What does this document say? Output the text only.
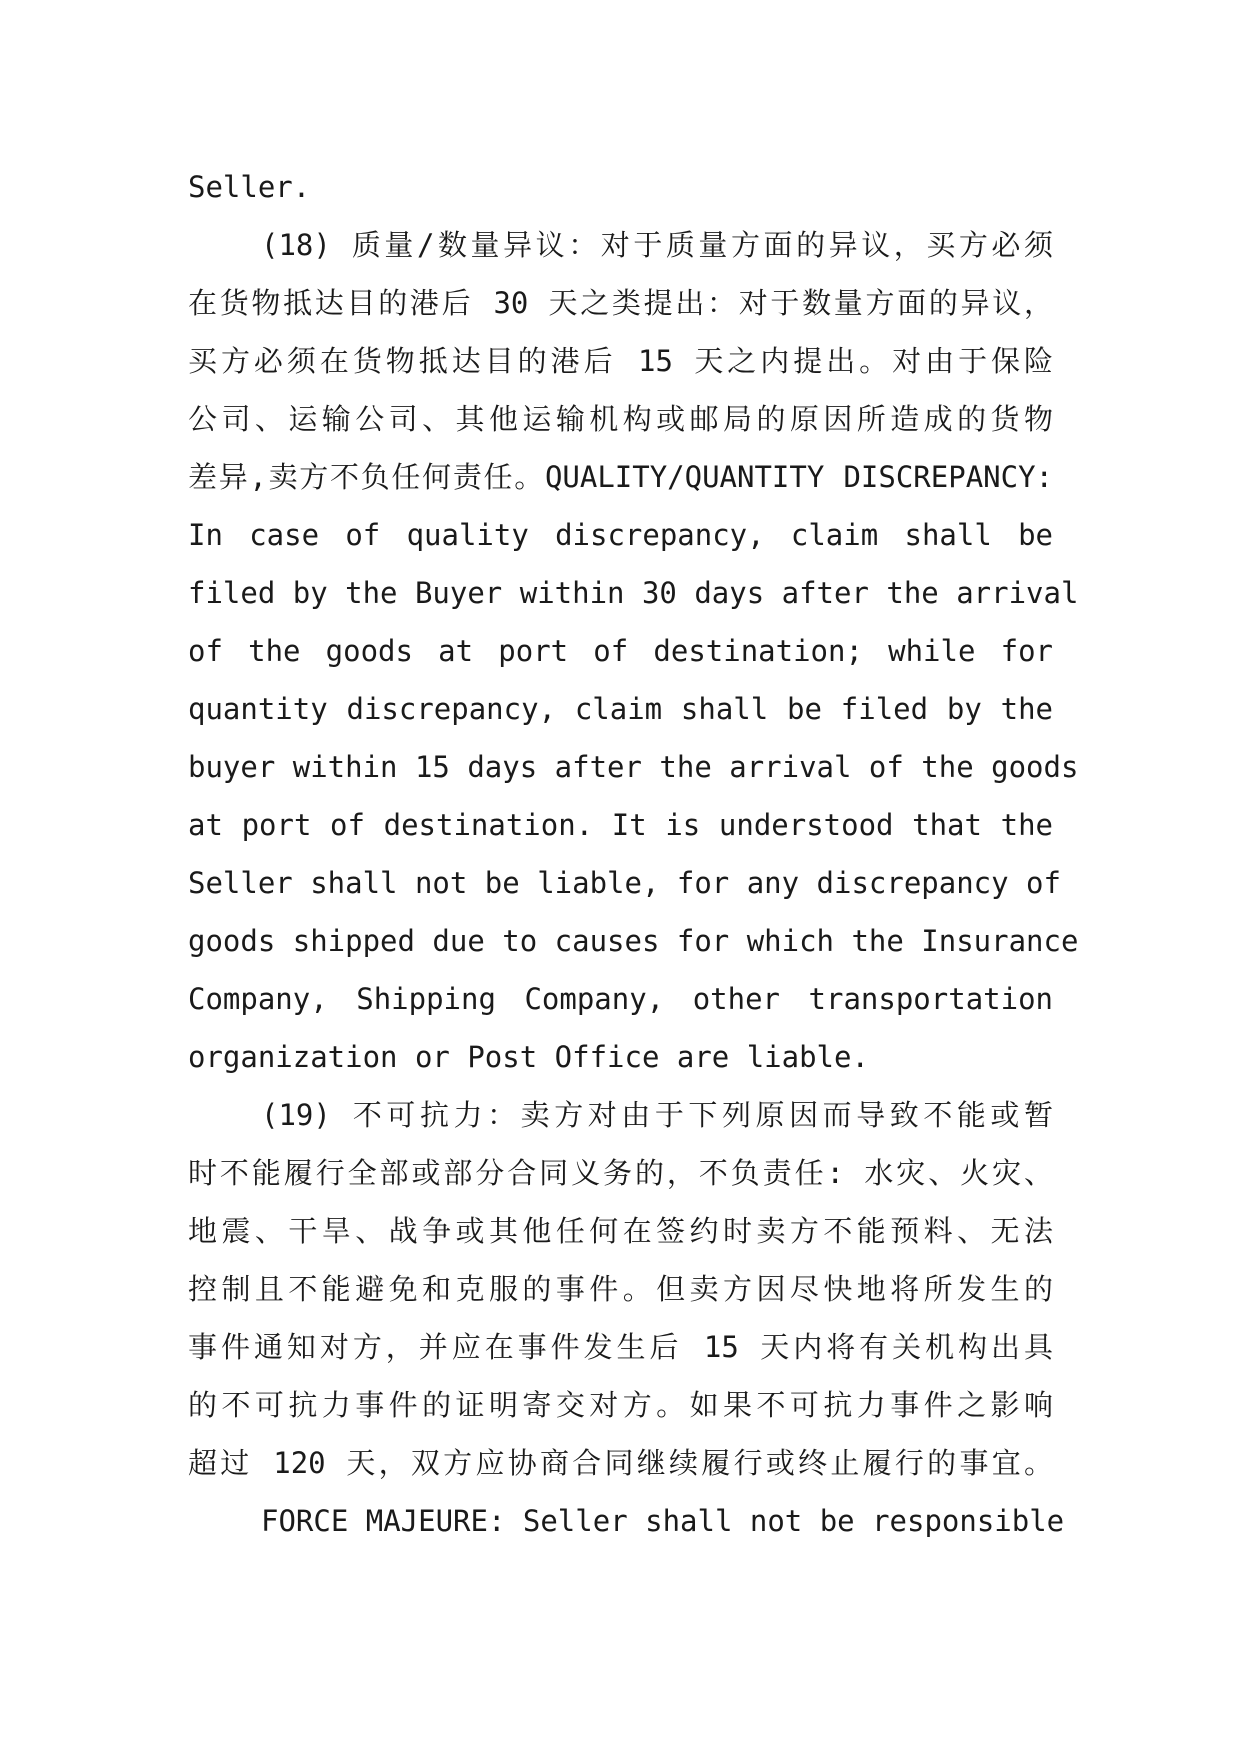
Seller.
(18) 质量/数量异议：对于质量方面的异议，买方必须
在货物抵达目的港后 30 天之类提出：对于数量方面的异议，
买方必须在货物抵达目的港后 15 天之内提出。对由于保险
公司、运输公司、其他运输机构或邮局的原因所造成的货物
差异,卖方不负任何责任。QUALITY/QUANTITY DISCREPANCY:
In case of quality discrepancy, claim shall be
filed by the Buyer within 30 days after the arrival
of the goods at port of destination; while for
quantity discrepancy, claim shall be filed by the
buyer within 15 days after the arrival of the goods
at port of destination. It is understood that the
Seller shall not be liable, for any discrepancy of
goods shipped due to causes for which the Insurance
Company, Shipping Company, other transportation
organization or Post Office are liable.
(19) 不可抗力：卖方对由于下列原因而导致不能或暂
时不能履行全部或部分合同义务的，不负责任: 水灾、火灾、
地震、干旱、战争或其他任何在签约时卖方不能预料、无法
控制且不能避免和克服的事件。但卖方因尽快地将所发生的
事件通知对方，并应在事件发生后 15 天内将有关机构出具
的不可抗力事件的证明寄交对方。如果不可抗力事件之影响
超过 120 天，双方应协商合同继续履行或终止履行的事宜。
FORCE MAJEURE: Seller shall not be responsible
